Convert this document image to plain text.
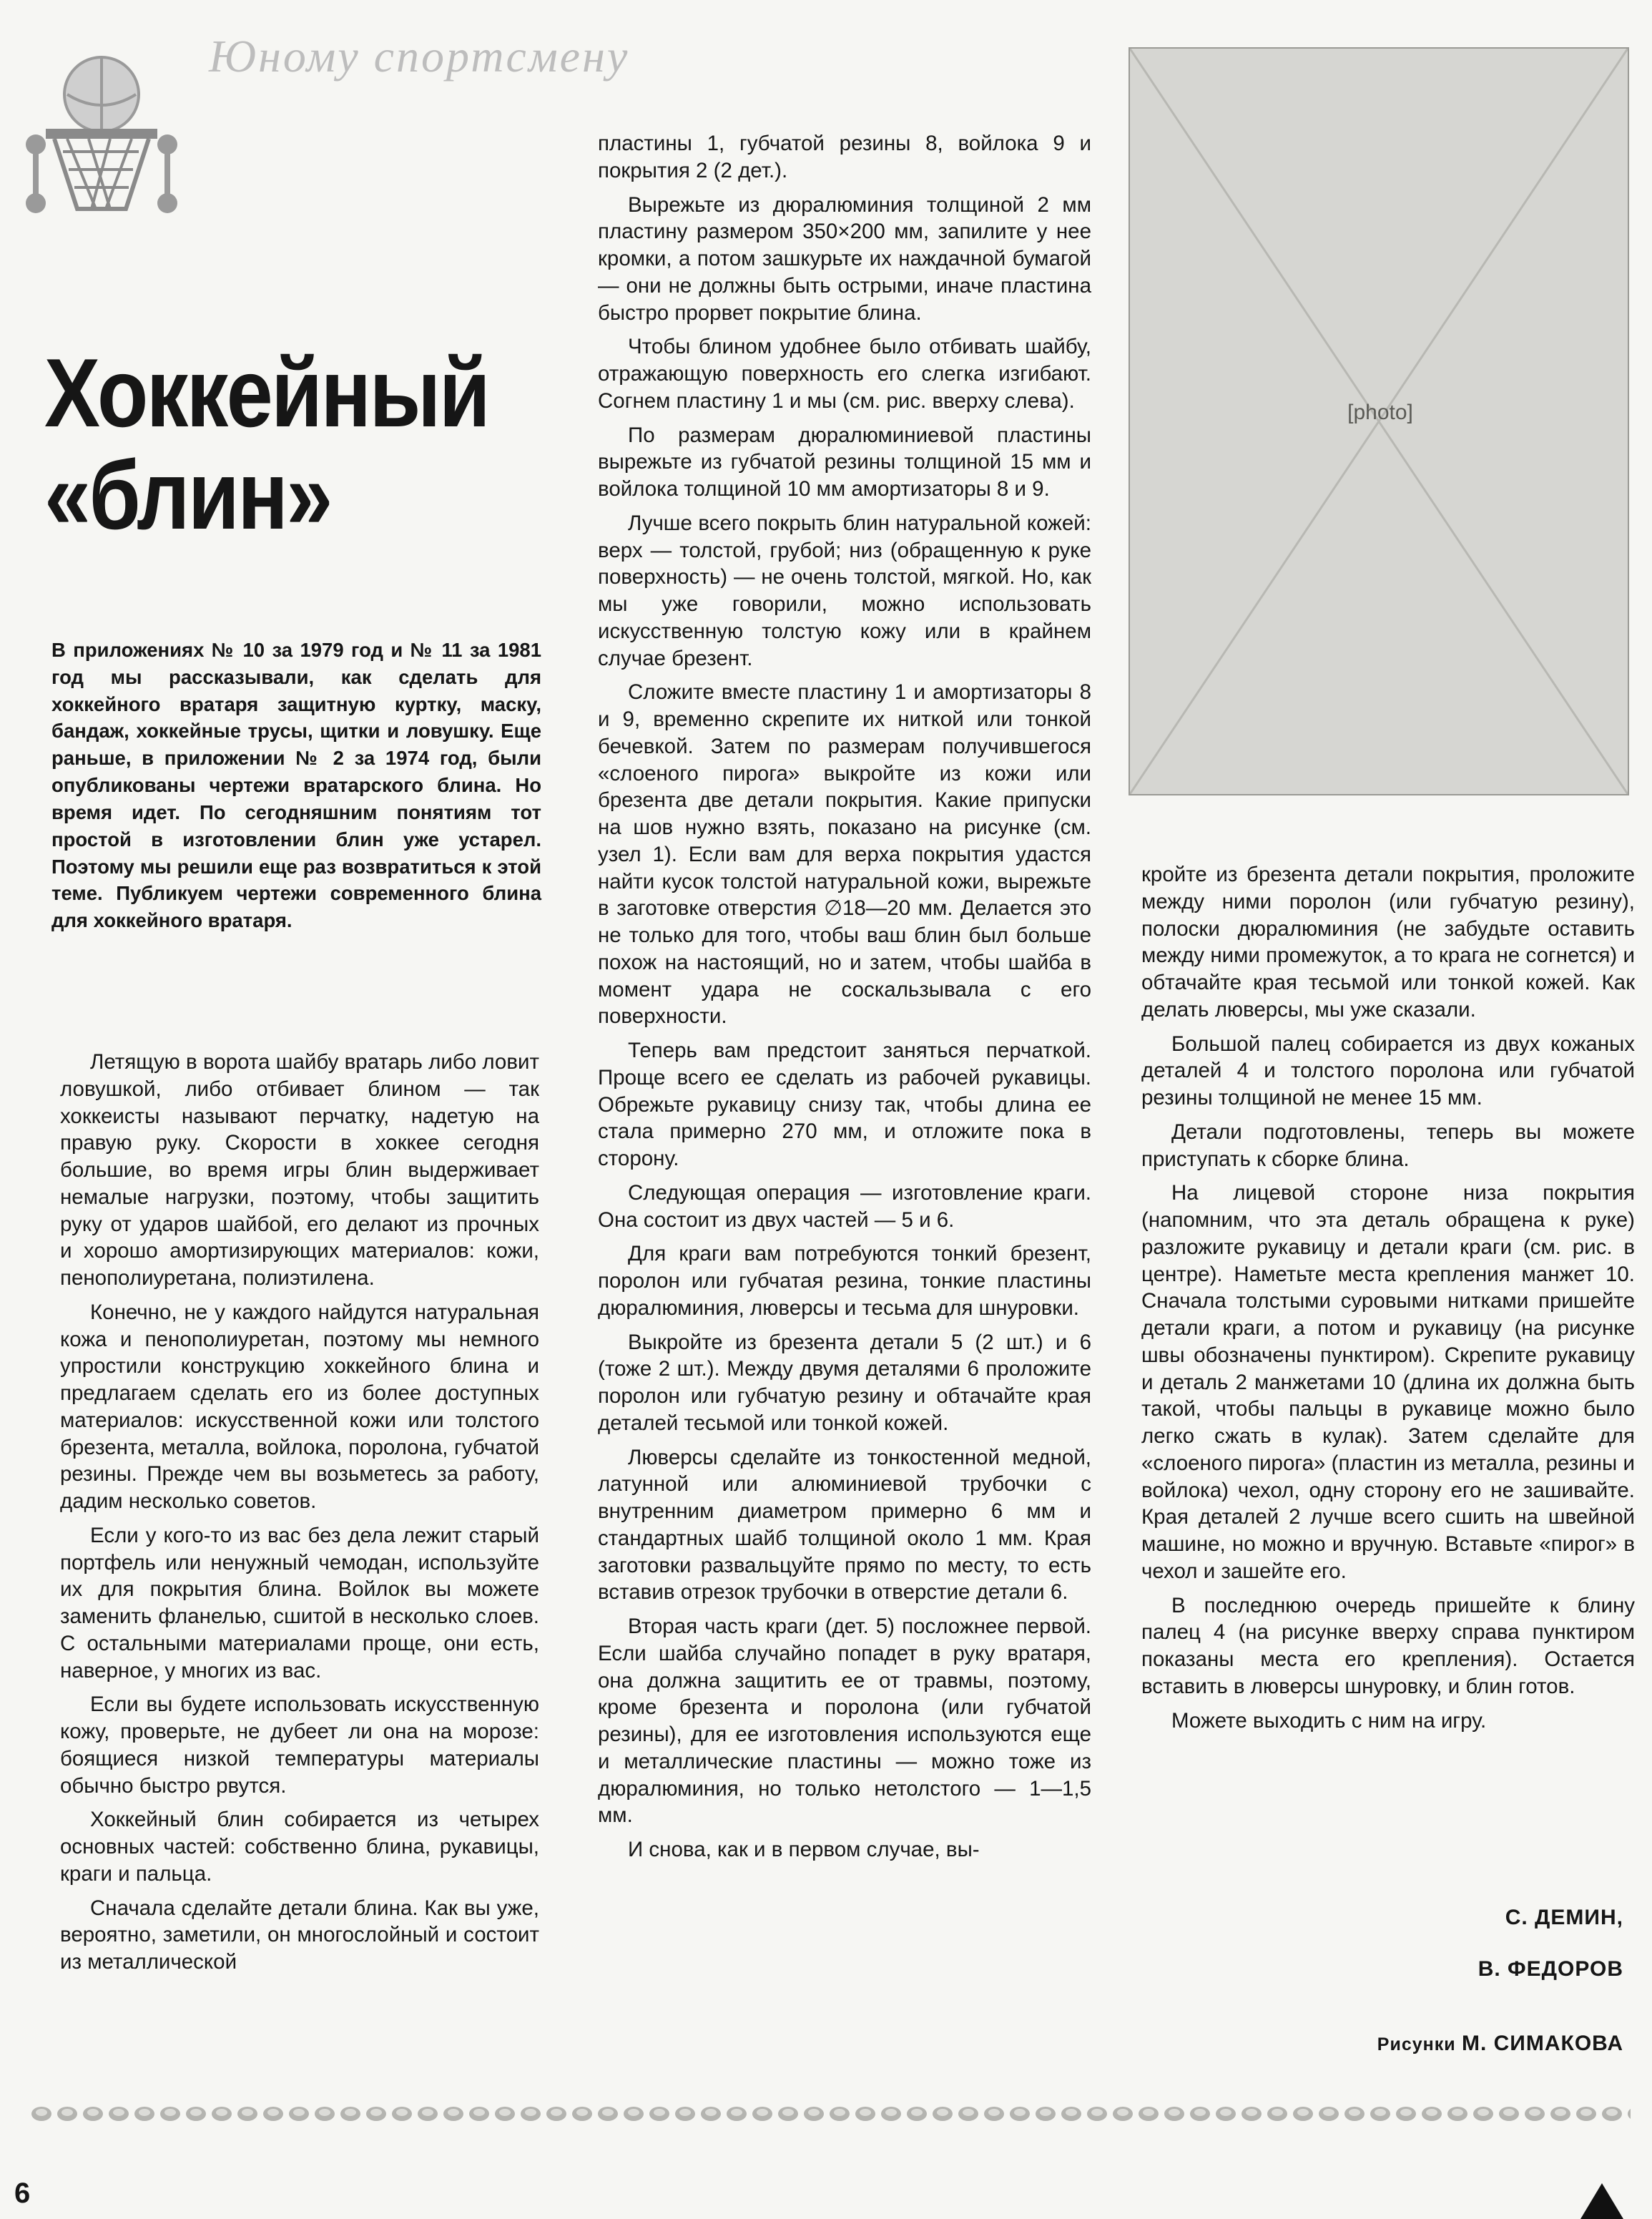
Юному спортсмену
Хоккейный
«блин»
В приложениях № 10 за 1979 год и № 11 за 1981 год мы рассказывали, как сделать для хоккейного вратаря защитную куртку, маску, бандаж, хоккейные трусы, щитки и ловушку. Еще раньше, в приложении № 2 за 1974 год, были опубликованы чертежи вратарского блина. Но время идет. По сегодняшним понятиям тот простой в изготовлении блин уже устарел. Поэтому мы решили еще раз возвратиться к этой теме. Публикуем чертежи современного блина для хоккейного вратаря.

Летящую в ворота шайбу вратарь либо ловит ловушкой, либо отбивает блином — так хоккеисты называют перчатку, надетую на правую руку. Скорости в хоккее сегодня большие, во время игры блин выдерживает немалые нагрузки, поэтому, чтобы защитить руку от ударов шайбой, его делают из прочных и хорошо амортизирующих материалов: кожи, пенополиуретана, полиэтилена.

Конечно, не у каждого найдутся натуральная кожа и пенополиуретан, поэтому мы немного упростили конструкцию хоккейного блина и предлагаем сделать его из более доступных материалов: искусственной кожи или толстого брезента, металла, войлока, поролона, губчатой резины. Прежде чем вы возьметесь за работу, дадим несколько советов.

Если у кого-то из вас без дела лежит старый портфель или ненужный чемодан, используйте их для покрытия блина. Войлок вы можете заменить фланелью, сшитой в несколько слоев. С остальными материалами проще, они есть, наверное, у многих из вас.

Если вы будете использовать искусственную кожу, проверьте, не дубеет ли она на морозе: боящиеся низкой температуры материалы обычно быстро рвутся.

Хоккейный блин собирается из четырех основных частей: собственно блина, рукавицы, краги и пальца.

Сначала сделайте детали блина. Как вы уже, вероятно, заметили, он многослойный и состоит из металлической

пластины 1, губчатой резины 8, войлока 9 и покрытия 2 (2 дет.).

Вырежьте из дюралюминия толщиной 2 мм пластину размером 350×200 мм, запилите у нее кромки, а потом зашкурьте их наждачной бумагой — они не должны быть острыми, иначе пластина быстро прорвет покрытие блина.

Чтобы блином удобнее было отбивать шайбу, отражающую поверхность его слегка изгибают. Согнем пластину 1 и мы (см. рис. вверху слева).

По размерам дюралюминиевой пластины вырежьте из губчатой резины толщиной 15 мм и войлока толщиной 10 мм амортизаторы 8 и 9.

Лучше всего покрыть блин натуральной кожей: верх — толстой, грубой; низ (обращенную к руке поверхность) — не очень толстой, мягкой. Но, как мы уже говорили, можно использовать искусственную толстую кожу или в крайнем случае брезент.

Сложите вместе пластину 1 и амортизаторы 8 и 9, временно скрепите их ниткой или тонкой бечевкой. Затем по размерам получившегося «слоеного пирога» выкройте из кожи или брезента две детали покрытия. Какие припуски на шов нужно взять, показано на рисунке (см. узел 1). Если вам для верха покрытия удастся найти кусок толстой натуральной кожи, вырежьте в заготовке отверстия ∅18—20 мм. Делается это не только для того, чтобы ваш блин был больше похож на настоящий, но и затем, чтобы шайба в момент удара не соскальзывала с его поверхности.

Теперь вам предстоит заняться перчаткой. Проще всего ее сделать из рабочей рукавицы. Обрежьте рукавицу снизу так, чтобы длина ее стала примерно 270 мм, и отложите пока в сторону.

Следующая операция — изготовление краги. Она состоит из двух частей — 5 и 6.

Для краги вам потребуются тонкий брезент, поролон или губчатая резина, тонкие пластины дюралюминия, люверсы и тесьма для шнуровки.

Выкройте из брезента детали 5 (2 шт.) и 6 (тоже 2 шт.). Между двумя деталями 6 проложите поролон или губчатую резину и обтачайте края деталей тесьмой или тонкой кожей.

Люверсы сделайте из тонкостенной медной, латунной или алюминиевой трубочки с внутренним диаметром примерно 6 мм и стандартных шайб толщиной около 1 мм. Края заготовки развальцуйте прямо по месту, то есть вставив отрезок трубочки в отверстие детали 6.

Вторая часть краги (дет. 5) посложнее первой. Если шайба случайно попадет в руку вратаря, она должна защитить ее от травмы, поэтому, кроме брезента и поролона (или губчатой резины), для ее изготовления используются еще и металлические пластины — можно тоже из дюралюминия, но только нетолстого — 1—1,5 мм.

И снова, как и в первом случае, вы-

[photo]

кройте из брезента детали покрытия, проложите между ними поролон (или губчатую резину), полоски дюралюминия (не забудьте оставить между ними промежуток, а то крага не согнется) и обтачайте края тесьмой или тонкой кожей. Как делать люверсы, мы уже сказали.

Большой палец собирается из двух кожаных деталей 4 и толстого поролона или губчатой резины толщиной не менее 15 мм.

Детали подготовлены, теперь вы можете приступать к сборке блина.

На лицевой стороне низа покрытия (напомним, что эта деталь обращена к руке) разложите рукавицу и детали краги (см. рис. в центре). Наметьте места крепления манжет 10. Сначала толстыми суровыми нитками пришейте детали краги, а потом и рукавицу (на рисунке швы обозначены пунктиром). Скрепите рукавицу и деталь 2 манжетами 10 (длина их должна быть такой, чтобы пальцы в рукавице можно было легко сжать в кулак). Затем сделайте для «слоеного пирога» (пластин из металла, резины и войлока) чехол, одну сторону его не зашивайте. Края деталей 2 лучше всего сшить на швейной машине, но можно и вручную. Вставьте «пирог» в чехол и зашейте его.

В последнюю очередь пришейте к блину палец 4 (на рисунке вверху справа пунктиром показаны места его крепления). Остается вставить в люверсы шнуровку, и блин готов.

Можете выходить с ним на игру.

С. ДЕМИН,
В. ФЕДОРОВ
Рисунки М. СИМАКОВА
6
